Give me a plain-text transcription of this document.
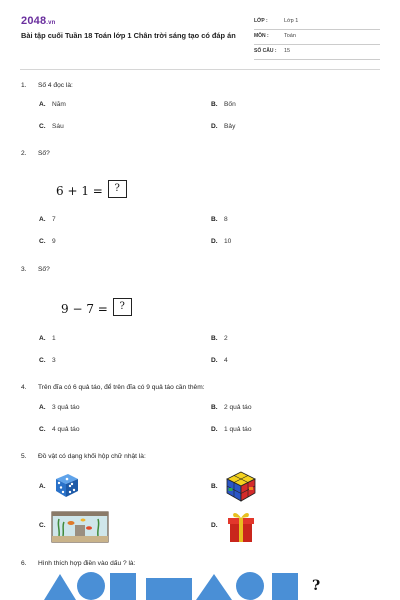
2048.vn
Bài tập cuối Tuần 18 Toán lớp 1 Chân trời sáng tạo có đáp án
LỚP :	Lớp 1
MÔN :	Toán
SỐ CÂU : 15
1. Số 4 đọc là:
A. Năm	B. Bốn
C. Sáu	D. Bảy
2. Số?
6 + 1 = ?
A. 7	B. 8
C. 9	D. 10
3. Số?
9 − 7 = ?
A. 1	B. 2
C. 3	D. 4
4. Trên đĩa có 6 quả táo, để trên đĩa có 9 quả táo cần thêm:
A. 3 quả táo	B. 2 quả táo
C. 4 quả táo	D. 1 quả táo
5. Đồ vật có dạng khối hộp chữ nhật là:
A.	B.
C.	D.
6. Hình thích hợp điền vào dấu ? là:
?
